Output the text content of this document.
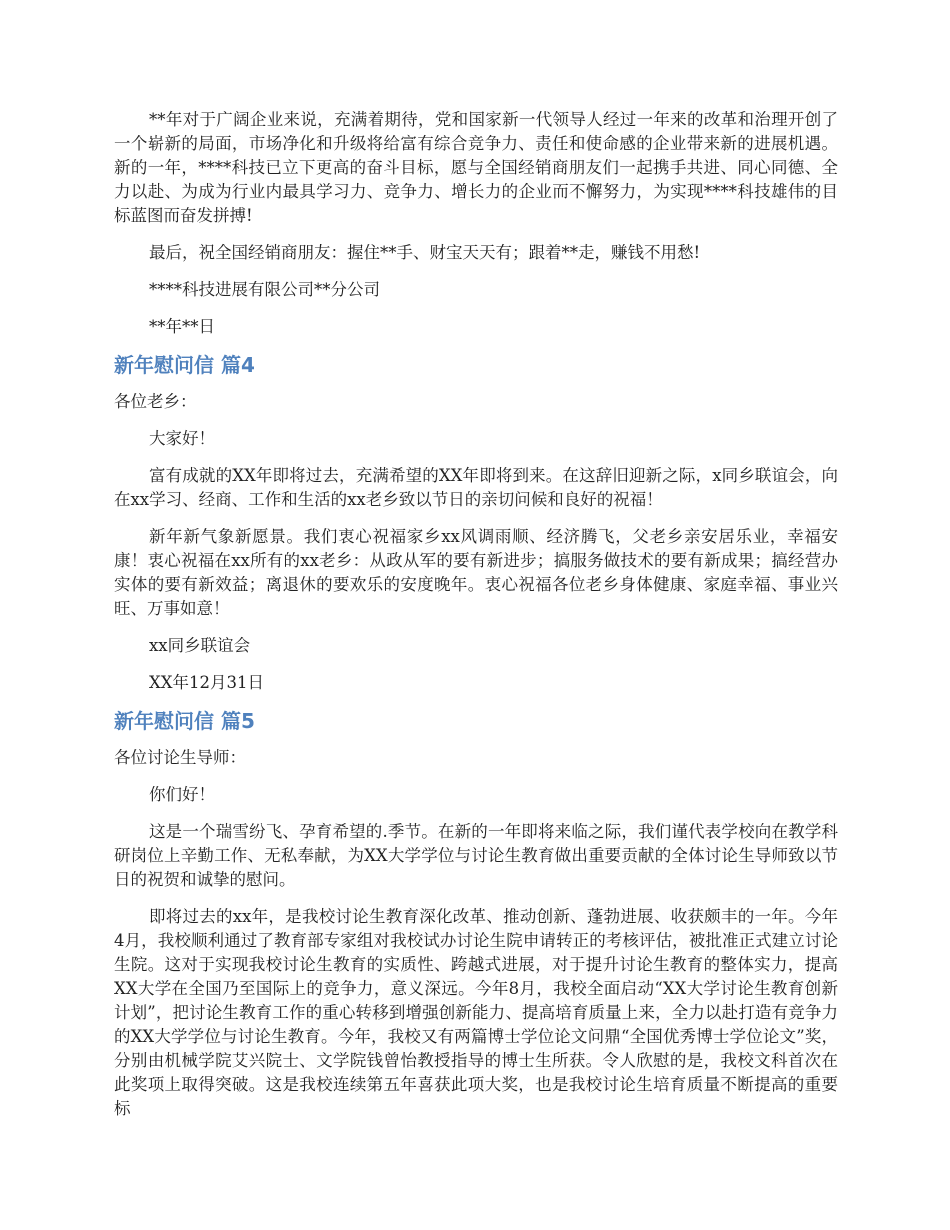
**年对于广阔企业来说，充满着期待，党和国家新一代领导人经过一年来的改革和治理开创了一个崭新的局面，市场净化和升级将给富有综合竞争力、责任和使命感的企业带来新的进展机遇。新的一年，****科技已立下更高的奋斗目标，愿与全国经销商朋友们一起携手共进、同心同德、全力以赴、为成为行业内最具学习力、竞争力、增长力的企业而不懈努力，为实现****科技雄伟的目标蓝图而奋发拼搏!

最后，祝全国经销商朋友：握住**手、财宝天天有；跟着**走，赚钱不用愁!

****科技进展有限公司**分公司

**年**日

新年慰问信 篇4

各位老乡：

大家好！

富有成就的XX年即将过去，充满希望的XX年即将到来。在这辞旧迎新之际，x同乡联谊会，向在xx学习、经商、工作和生活的xx老乡致以节日的亲切问候和良好的祝福！

新年新气象新愿景。我们衷心祝福家乡xx风调雨顺、经济腾飞，父老乡亲安居乐业，幸福安康！衷心祝福在xx所有的xx老乡：从政从军的要有新进步；搞服务做技术的要有新成果；搞经营办实体的要有新效益；离退休的要欢乐的安度晚年。衷心祝福各位老乡身体健康、家庭幸福、事业兴旺、万事如意！

xx同乡联谊会

XX年12月31日

新年慰问信 篇5

各位讨论生导师：

你们好！

这是一个瑞雪纷飞、孕育希望的.季节。在新的一年即将来临之际，我们谨代表学校向在教学科研岗位上辛勤工作、无私奉献，为XX大学学位与讨论生教育做出重要贡献的全体讨论生导师致以节日的祝贺和诚挚的慰问。

即将过去的xx年，是我校讨论生教育深化改革、推动创新、蓬勃进展、收获颇丰的一年。今年4月，我校顺利通过了教育部专家组对我校试办讨论生院申请转正的考核评估，被批准正式建立讨论生院。这对于实现我校讨论生教育的实质性、跨越式进展，对于提升讨论生教育的整体实力，提高XX大学在全国乃至国际上的竞争力，意义深远。今年8月，我校全面启动“XX大学讨论生教育创新计划”，把讨论生教育工作的重心转移到增强创新能力、提高培育质量上来，全力以赴打造有竞争力的XX大学学位与讨论生教育。今年，我校又有两篇博士学位论文问鼎“全国优秀博士学位论文”奖，分别由机械学院艾兴院士、文学院钱曾怡教授指导的博士生所获。令人欣慰的是，我校文科首次在此奖项上取得突破。这是我校连续第五年喜获此项大奖，也是我校讨论生培育质量不断提高的重要标
